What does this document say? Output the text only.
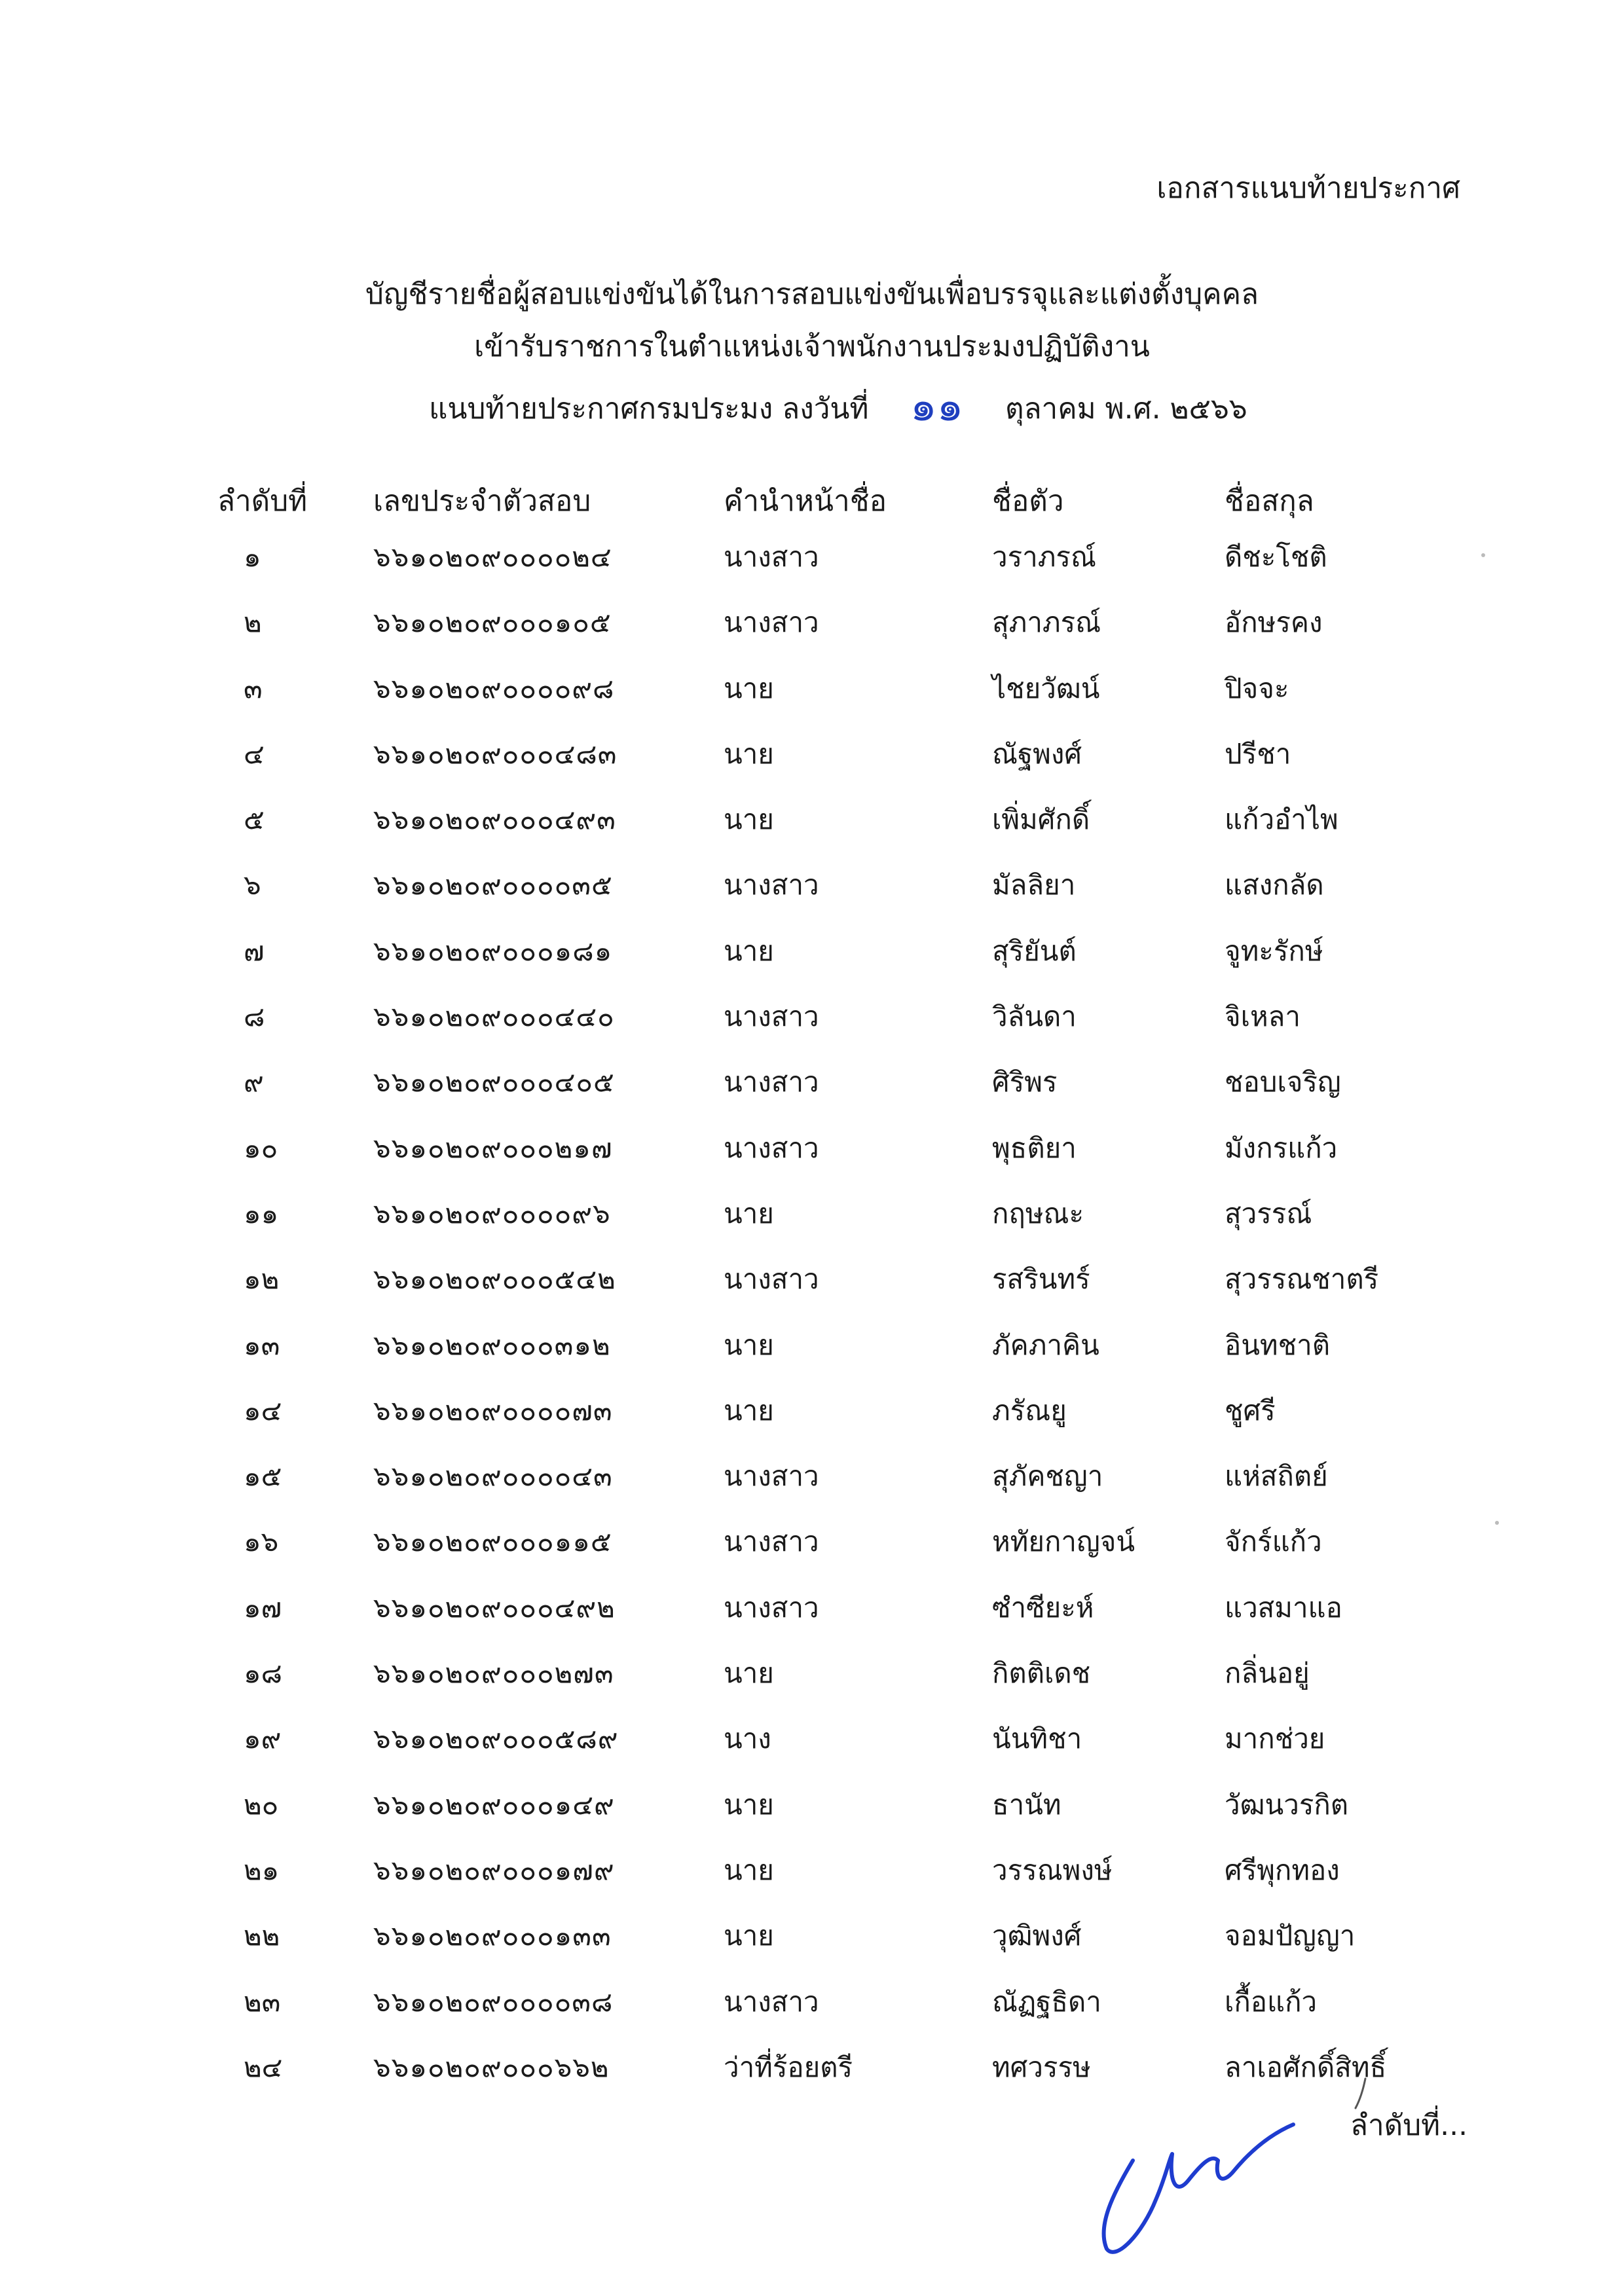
เอกสารแนบท้ายประกาศ
บัญชีรายชื่อผู้สอบแข่งขันได้ในการสอบแข่งขันเพื่อบรรจุและแต่งตั้งบุคคล
เข้ารับราชการในตำแหน่งเจ้าพนักงานประมงปฏิบัติงาน
แนบท้ายประกาศกรมประมง ลงวันที่ ๑๑ ตุลาคม พ.ศ. ๒๕๖๖
ลำดับที่ เลขประจำตัวสอบ	คำนำหน้าชื่อ	ชื่อตัว	ชื่อสกุล
๑	๖๖๑๐๒๐๙๐๐๐๐๒๔	นางสาว	วราภรณ์	ดีชะโชติ
๒	๖๖๑๐๒๐๙๐๐๐๑๐๕	นางสาว	สุภาภรณ์	อักษรคง
๓	๖๖๑๐๒๐๙๐๐๐๐๙๘	นาย	ไชยวัฒน์	ปิจจะ
๔	๖๖๑๐๒๐๙๐๐๐๔๘๓	นาย	ณัฐพงศ์	ปรีชา
๕	๖๖๑๐๒๐๙๐๐๐๔๙๓	นาย	เพิ่มศักดิ์	แก้วอำไพ
๖	๖๖๑๐๒๐๙๐๐๐๐๓๕	นางสาว	มัลลิยา	แสงกลัด
๗	๖๖๑๐๒๐๙๐๐๐๑๘๑	นาย	สุริยันต์	จูทะรักษ์
๘	๖๖๑๐๒๐๙๐๐๐๔๔๐	นางสาว	วิลันดา	จิเหลา
๙	๖๖๑๐๒๐๙๐๐๐๔๐๕	นางสาว	ศิริพร	ชอบเจริญ
๑๐	๖๖๑๐๒๐๙๐๐๐๒๑๗	นางสาว	พุธติยา	มังกรแก้ว
๑๑	๖๖๑๐๒๐๙๐๐๐๐๙๖	นาย	กฤษณะ	สุวรรณ์
๑๒	๖๖๑๐๒๐๙๐๐๐๕๔๒	นางสาว	รสรินทร์	สุวรรณชาตรี
๑๓	๖๖๑๐๒๐๙๐๐๐๓๑๒	นาย	ภัคภาคิน	อินทชาติ
๑๔	๖๖๑๐๒๐๙๐๐๐๐๗๓	นาย	ภรัณยู	ชูศรี
๑๕	๖๖๑๐๒๐๙๐๐๐๐๔๓	นางสาว	สุภัคชญา	แห่สถิตย์
๑๖	๖๖๑๐๒๐๙๐๐๐๑๑๕	นางสาว	หทัยกาญจน์	จักร์แก้ว
๑๗	๖๖๑๐๒๐๙๐๐๐๔๙๒	นางสาว	ซำซียะห์	แวสมาแอ
๑๘	๖๖๑๐๒๐๙๐๐๐๒๗๓	นาย	กิตติเดช	กลิ่นอยู่
๑๙	๖๖๑๐๒๐๙๐๐๐๕๘๙	นาง	นันทิชา	มากช่วย
๒๐	๖๖๑๐๒๐๙๐๐๐๑๔๙	นาย	ธานัท	วัฒนวรกิต
๒๑	๖๖๑๐๒๐๙๐๐๐๑๗๙	นาย	วรรณพงษ์	ศรีพุกทอง
๒๒	๖๖๑๐๒๐๙๐๐๐๑๓๓	นาย	วุฒิพงศ์	จอมปัญญา
๒๓	๖๖๑๐๒๐๙๐๐๐๐๓๘	นางสาว	ณัฏฐธิดา	เกื้อแก้ว
๒๔	๖๖๑๐๒๐๙๐๐๐๖๖๒	ว่าที่ร้อยตรี	ทศวรรษ	ลาเอศักดิ์สิทธิ์
ลำดับที่...
